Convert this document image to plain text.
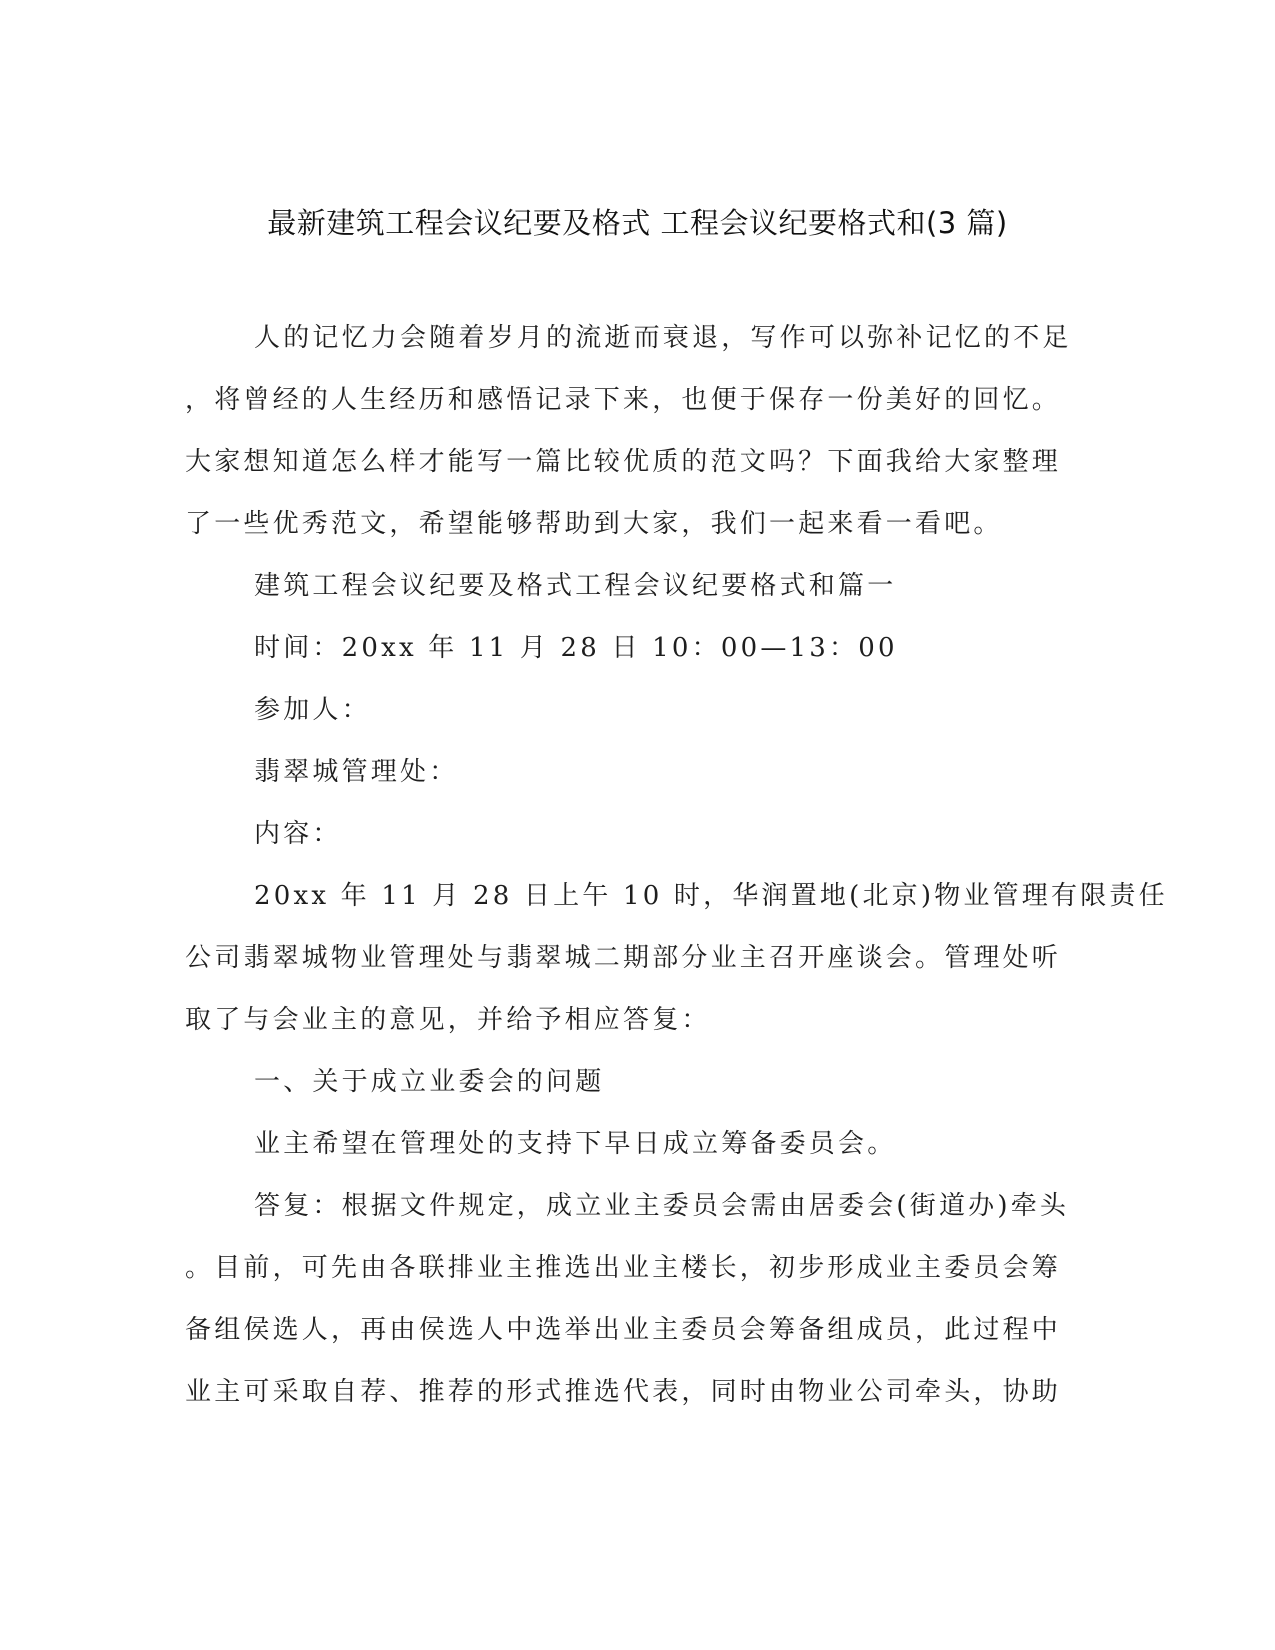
最新建筑工程会议纪要及格式 工程会议纪要格式和(3 篇)
人的记忆力会随着岁月的流逝而衰退，写作可以弥补记忆的不足
，将曾经的人生经历和感悟记录下来，也便于保存一份美好的回忆。
大家想知道怎么样才能写一篇比较优质的范文吗？下面我给大家整理
了一些优秀范文，希望能够帮助到大家，我们一起来看一看吧。
建筑工程会议纪要及格式工程会议纪要格式和篇一
时间：20xx 年 11 月 28 日 10：00—13：00
参加人：
翡翠城管理处：
内容：
20xx 年 11 月 28 日上午 10 时，华润置地(北京)物业管理有限责任
公司翡翠城物业管理处与翡翠城二期部分业主召开座谈会。管理处听
取了与会业主的意见，并给予相应答复：
一、关于成立业委会的问题
业主希望在管理处的支持下早日成立筹备委员会。
答复：根据文件规定，成立业主委员会需由居委会(街道办)牵头
。目前，可先由各联排业主推选出业主楼长，初步形成业主委员会筹
备组侯选人，再由侯选人中选举出业主委员会筹备组成员，此过程中
业主可采取自荐、推荐的形式推选代表，同时由物业公司牵头，协助
